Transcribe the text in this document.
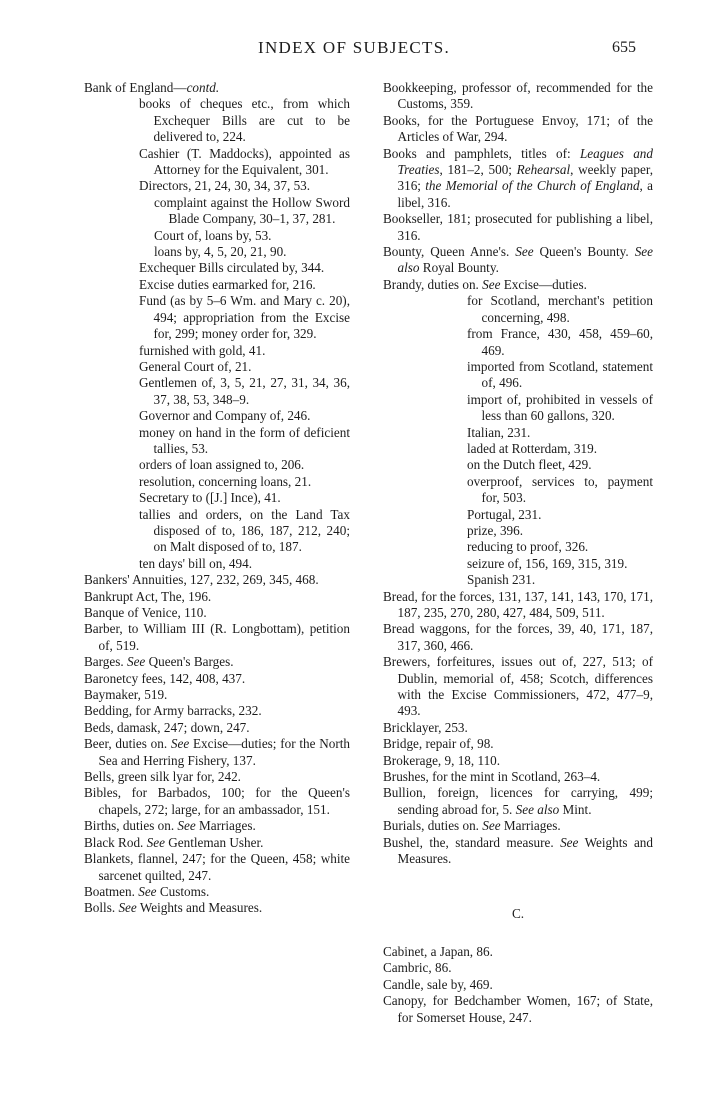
INDEX OF SUBJECTS.	655
Bank of England—contd.
books of cheques etc., from which Exchequer Bills are cut to be delivered to, 224.
Cashier (T. Maddocks), appointed as Attorney for the Equivalent, 301.
Directors, 21, 24, 30, 34, 37, 53.
complaint against the Hollow Sword Blade Company, 30–1, 37, 281.
Court of, loans by, 53.
loans by, 4, 5, 20, 21, 90.
Exchequer Bills circulated by, 344.
Excise duties earmarked for, 216.
Fund (as by 5–6 Wm. and Mary c. 20), 494; appropriation from the Excise for, 299; money order for, 329.
furnished with gold, 41.
General Court of, 21.
Gentlemen of, 3, 5, 21, 27, 31, 34, 36, 37, 38, 53, 348–9.
Governor and Company of, 246.
money on hand in the form of deficient tallies, 53.
orders of loan assigned to, 206.
resolution, concerning loans, 21.
Secretary to ([J.] Ince), 41.
tallies and orders, on the Land Tax disposed of to, 186, 187, 212, 240; on Malt disposed of to, 187.
ten days' bill on, 494.
Bankers' Annuities, 127, 232, 269, 345, 468.
Bankrupt Act, The, 196.
Banque of Venice, 110.
Barber, to William III (R. Longbottam), petition of, 519.
Barges. See Queen's Barges.
Baronetcy fees, 142, 408, 437.
Baymaker, 519.
Bedding, for Army barracks, 232.
Beds, damask, 247; down, 247.
Beer, duties on. See Excise—duties; for the North Sea and Herring Fishery, 137.
Bells, green silk lyar for, 242.
Bibles, for Barbados, 100; for the Queen's chapels, 272; large, for an ambassador, 151.
Births, duties on. See Marriages.
Black Rod. See Gentleman Usher.
Blankets, flannel, 247; for the Queen, 458; white sarcenet quilted, 247.
Boatmen. See Customs.
Bolls. See Weights and Measures.
Bookkeeping, professor of, recommended for the Customs, 359.
Books, for the Portuguese Envoy, 171; of the Articles of War, 294.
Books and pamphlets, titles of: Leagues and Treaties, 181–2, 500; Rehearsal, weekly paper, 316; the Memorial of the Church of England, a libel, 316.
Bookseller, 181; prosecuted for publishing a libel, 316.
Bounty, Queen Anne's. See Queen's Bounty. See also Royal Bounty.
Brandy, duties on. See Excise—duties.
for Scotland, merchant's petition concerning, 498.
from France, 430, 458, 459–60, 469.
imported from Scotland, statement of, 496.
import of, prohibited in vessels of less than 60 gallons, 320.
Italian, 231.
laded at Rotterdam, 319.
on the Dutch fleet, 429.
overproof, services to, payment for, 503.
Portugal, 231.
prize, 396.
reducing to proof, 326.
seizure of, 156, 169, 315, 319.
Spanish 231.
Bread, for the forces, 131, 137, 141, 143, 170, 171, 187, 235, 270, 280, 427, 484, 509, 511.
Bread waggons, for the forces, 39, 40, 171, 187, 317, 360, 466.
Brewers, forfeitures, issues out of, 227, 513; of Dublin, memorial of, 458; Scotch, differences with the Excise Commissioners, 472, 477–9, 493.
Bricklayer, 253.
Bridge, repair of, 98.
Brokerage, 9, 18, 110.
Brushes, for the mint in Scotland, 263–4.
Bullion, foreign, licences for carrying, 499; sending abroad for, 5. See also Mint.
Burials, duties on. See Marriages.
Bushel, the, standard measure. See Weights and Measures.
C.
Cabinet, a Japan, 86.
Cambric, 86.
Candle, sale by, 469.
Canopy, for Bedchamber Women, 167; of State, for Somerset House, 247.
